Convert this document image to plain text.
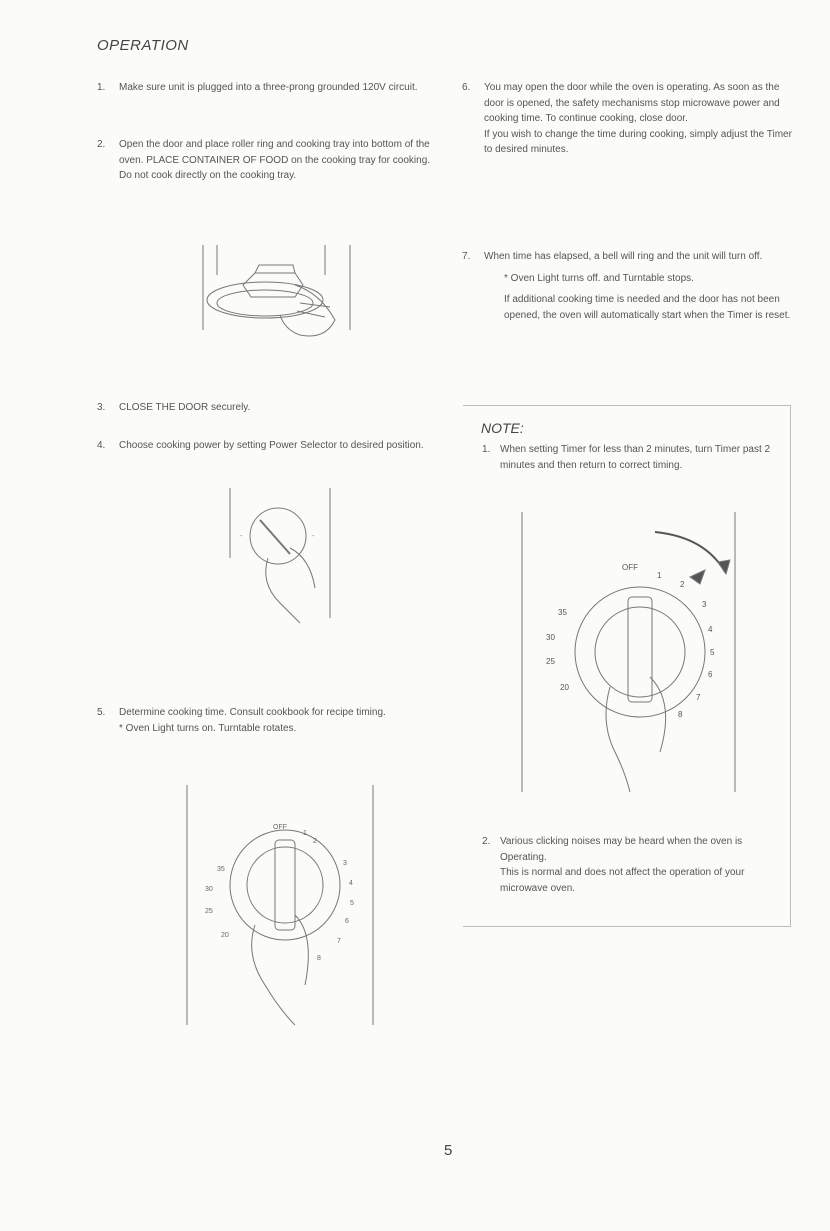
OPERATION
1. Make sure unit is plugged into a three-prong grounded 120V circuit.

2. Open the door and place roller ring and cooking tray into bottom of the oven. PLACE CONTAINER OF FOOD on the cooking tray for cooking.

Do not cook directly on the cooking tray.

3. CLOSE THE DOOR securely.

4. Choose cooking power by setting Power Selector to desired position.

-	-
5. Determine cooking time. Consult cookbook for recipe timing.

* Oven Light turns on. Turntable rotates.

OFF
1
2
3
4
5
6
7
8
35
30
25
20
6. You may open the door while the oven is operating. As soon as the door is opened, the safety mechanisms stop microwave power and cooking time. To continue cooking, close door.

If you wish to change the time during cooking, simply adjust the Timer to desired minutes.

7. When time has elapsed, a bell will ring and the unit will turn off.

* Oven Light turns off. and Turntable stops.

If additional cooking time is needed and the door has not been opened, the oven will automatically start when the Timer is reset.

NOTE:
1. When setting Timer for less than 2 minutes, turn Timer past 2 minutes and then return to correct timing.

OFF
1
2
3
4
5
6
7
8
35
30
25
20
2. Various clicking noises may be heard when the oven is Operating.

This is normal and does not affect the operation of your microwave oven.

5
